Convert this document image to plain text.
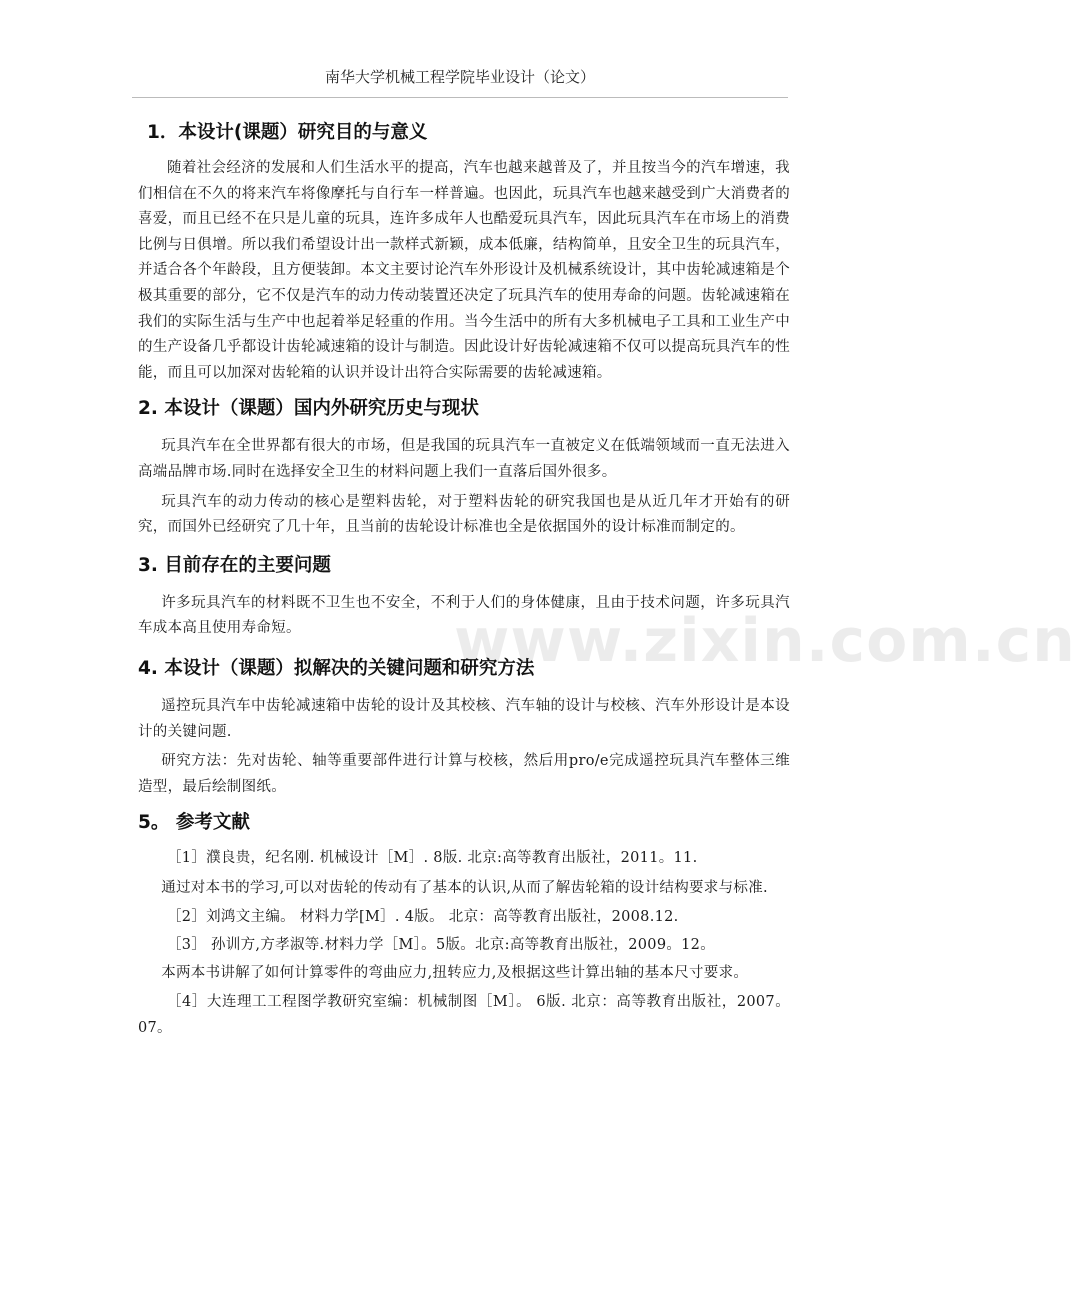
南华大学机械工程学院毕业设计（论文）
www.zixin.com.cn
1．本设计(课题）研究目的与意义

随着社会经济的发展和人们生活水平的提高，汽车也越来越普及了，并且按当今的汽车增速，我们相信在不久的将来汽车将像摩托与自行车一样普遍。也因此，玩具汽车也越来越受到广大消费者的喜爱，而且已经不在只是儿童的玩具，连许多成年人也酷爱玩具汽车，因此玩具汽车在市场上的消费比例与日俱增。所以我们希望设计出一款样式新颖，成本低廉，结构简单，且安全卫生的玩具汽车，并适合各个年龄段，且方便装卸。本文主要讨论汽车外形设计及机械系统设计，其中齿轮减速箱是个极其重要的部分，它不仅是汽车的动力传动装置还决定了玩具汽车的使用寿命的问题。齿轮减速箱在我们的实际生活与生产中也起着举足轻重的作用。当今生活中的所有大多机械电子工具和工业生产中的生产设备几乎都设计齿轮减速箱的设计与制造。因此设计好齿轮减速箱不仅可以提高玩具汽车的性能，而且可以加深对齿轮箱的认识并设计出符合实际需要的齿轮减速箱。

2. 本设计（课题）国内外研究历史与现状

玩具汽车在全世界都有很大的市场，但是我国的玩具汽车一直被定义在低端领域而一直无法进入高端品牌市场.同时在选择安全卫生的材料问题上我们一直落后国外很多。

玩具汽车的动力传动的核心是塑料齿轮，对于塑料齿轮的研究我国也是从近几年才开始有的研究，而国外已经研究了几十年，且当前的齿轮设计标准也全是依据国外的设计标准而制定的。

3. 目前存在的主要问题

许多玩具汽车的材料既不卫生也不安全，不利于人们的身体健康，且由于技术问题，许多玩具汽车成本高且使用寿命短。

4. 本设计（课题）拟解决的关键问题和研究方法

遥控玩具汽车中齿轮减速箱中齿轮的设计及其校核、汽车轴的设计与校核、汽车外形设计是本设计的关键问题.

研究方法：先对齿轮、轴等重要部件进行计算与校核，然后用pro/e完成遥控玩具汽车整体三维造型，最后绘制图纸。

5。 参考文献

［1］濮良贵，纪名刚. 机械设计［M］. 8版. 北京:高等教育出版社，2011。11.

通过对本书的学习,可以对齿轮的传动有了基本的认识,从而了解齿轮箱的设计结构要求与标准.

［2］刘鸿文主编。 材料力学[M］. 4版。 北京：高等教育出版社，2008.12.

［3］ 孙训方,方孝淑等.材料力学［M］。5版。北京:高等教育出版社，2009。12。

本两本书讲解了如何计算零件的弯曲应力,扭转应力,及根据这些计算出轴的基本尺寸要求。

［4］大连理工工程图学教研究室编：机械制图［M］。 6版. 北京：高等教育出版社，2007。07。
